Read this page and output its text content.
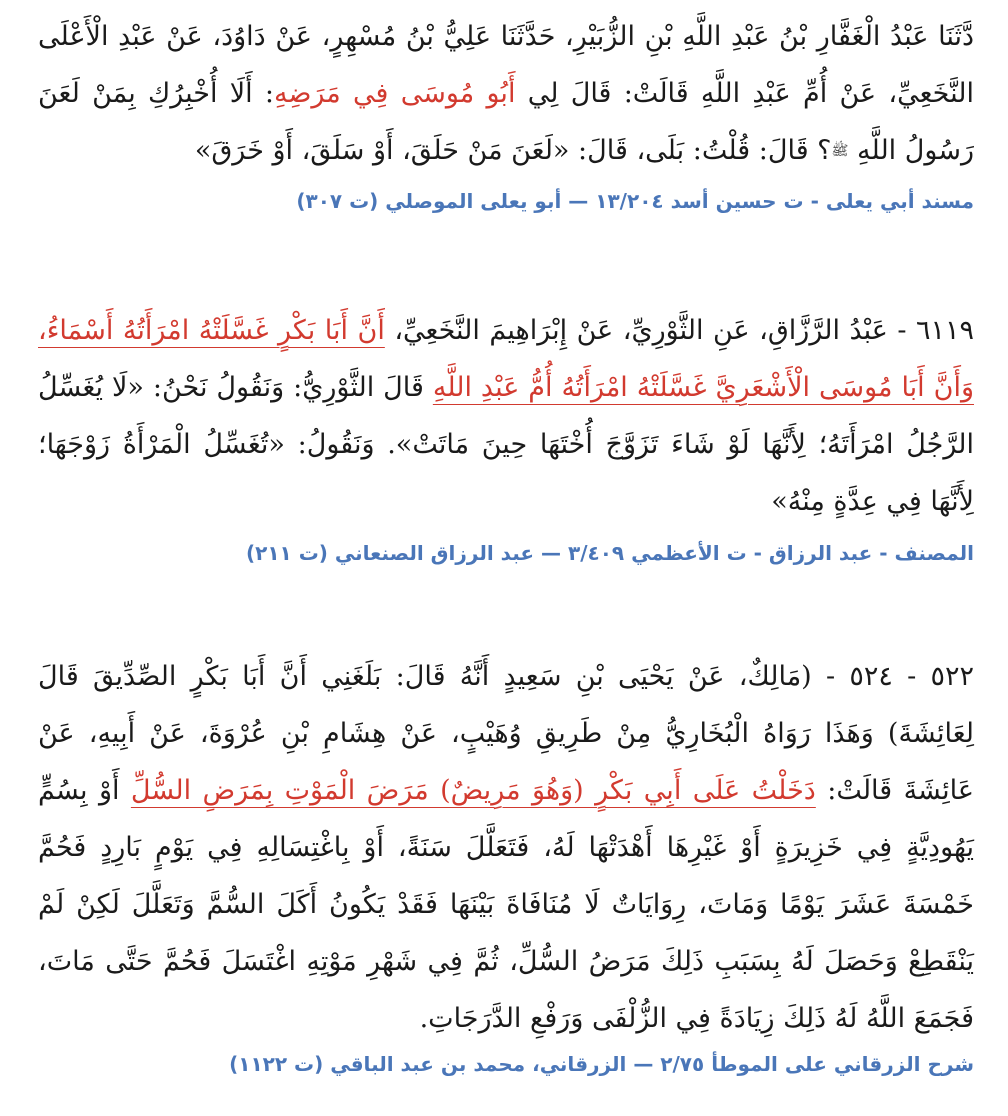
دَّثَنَا عَبْدُ الْغَفَّارِ بْنُ عَبْدِ اللَّهِ بْنِ الزُّبَيْرِ، حَدَّثَنَا عَلِيُّ بْنُ مُسْهِرٍ، عَنْ دَاوُدَ، عَنْ عَبْدِ الْأَعْلَى النَّخَعِيِّ، عَنْ أُمِّ عَبْدِ اللَّهِ قَالَتْ: قَالَ لِي أَبُو مُوسَى فِي مَرَضِهِ: أَلَا أُخْبِرُكِ بِمَنْ لَعَنَ رَسُولُ اللَّهِ ﷺ؟ قَالَ: قُلْتُ: بَلَى، قَالَ: «لَعَنَ مَنْ حَلَقَ، أَوْ سَلَقَ، أَوْ خَرَقَ»

مسند أبي يعلى - ت حسين أسد ١٣/٢٠٤ — أبو يعلى الموصلي (ت ٣٠٧)

٦١١٩ - عَبْدُ الرَّزَّاقِ، عَنِ الثَّوْرِيِّ، عَنْ إِبْرَاهِيمَ النَّخَعِيِّ، أَنَّ أَبَا بَكْرٍ غَسَّلَتْهُ امْرَأَتُهُ أَسْمَاءُ، وَأَنَّ أَبَا مُوسَى الْأَشْعَرِيَّ غَسَّلَتْهُ امْرَأَتُهُ أُمُّ عَبْدِ اللَّهِ قَالَ الثَّوْرِيُّ: وَنَقُولُ نَحْنُ: «لَا يُغَسِّلُ الرَّجُلُ امْرَأَتَهُ؛ لِأَنَّهَا لَوْ شَاءَ تَزَوَّجَ أُخْتَهَا حِينَ مَاتَتْ». وَنَقُولُ: «تُغَسِّلُ الْمَرْأَةُ زَوْجَهَا؛ لِأَنَّهَا فِي عِدَّةٍ مِنْهُ»

المصنف - عبد الرزاق - ت الأعظمي ٣/٤٠٩ — عبد الرزاق الصنعاني (ت ٢١١)

٥٢٢ - ٥٢٤ - (مَالِكٌ، عَنْ يَحْيَى بْنِ سَعِيدٍ أَنَّهُ قَالَ: بَلَغَنِي أَنَّ أَبَا بَكْرٍ الصِّدِّيقَ قَالَ لِعَائِشَةَ) وَهَذَا رَوَاهُ الْبُخَارِيُّ مِنْ طَرِيقِ وُهَيْبٍ، عَنْ هِشَامِ بْنِ عُرْوَةَ، عَنْ أَبِيهِ، عَنْ عَائِشَةَ قَالَتْ: دَخَلْتُ عَلَى أَبِي بَكْرٍ (وَهُوَ مَرِيضٌ) مَرَضَ الْمَوْتِ بِمَرَضِ السُّلِّ أَوْ بِسُمٍّ يَهُودِيَّةٍ فِي خَزِيرَةٍ أَوْ غَيْرِهَا أَهْدَتْهَا لَهُ، فَتَعَلَّلَ سَنَةً، أَوْ بِاغْتِسَالِهِ فِي يَوْمٍ بَارِدٍ فَحُمَّ خَمْسَةَ عَشَرَ يَوْمًا وَمَاتَ، رِوَايَاتٌ لَا مُنَافَاةَ بَيْنَهَا فَقَدْ يَكُونُ أَكَلَ السُّمَّ وَتَعَلَّلَ لَكِنْ لَمْ يَنْقَطِعْ وَحَصَلَ لَهُ بِسَبَبِ ذَلِكَ مَرَضُ السُّلِّ، ثُمَّ فِي شَهْرِ مَوْتِهِ اغْتَسَلَ فَحُمَّ حَتَّى مَاتَ، فَجَمَعَ اللَّهُ لَهُ ذَلِكَ زِيَادَةً فِي الزُّلْفَى وَرَفْعِ الدَّرَجَاتِ.

شرح الزرقاني على الموطأ ٢/٧٥ — الزرقاني، محمد بن عبد الباقي (ت ١١٢٢)
